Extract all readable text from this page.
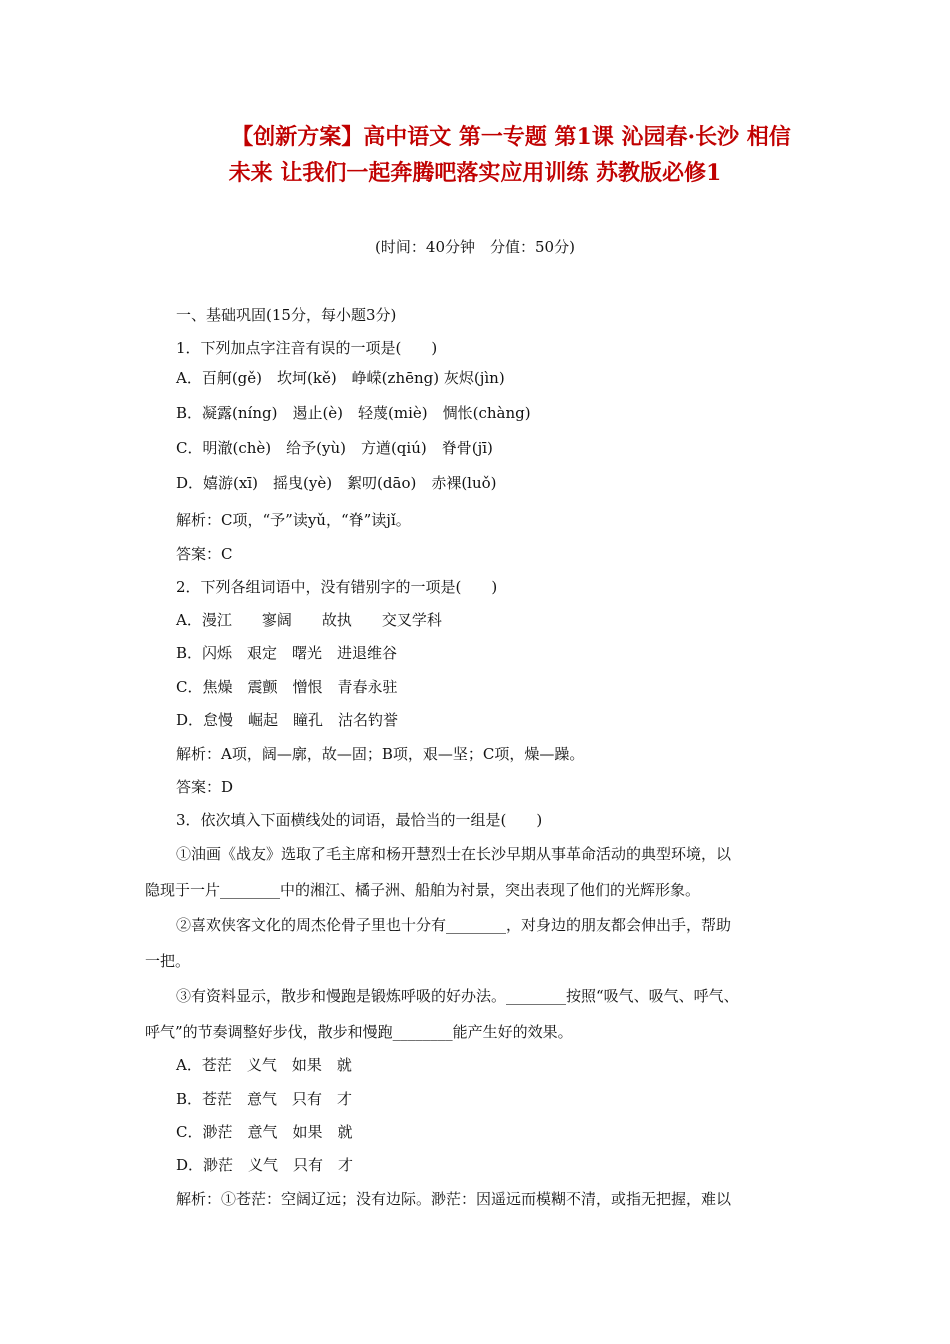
【创新方案】高中语文 第一专题 第1课 沁园春·长沙 相信
未来 让我们一起奔腾吧落实应用训练 苏教版必修1
(时间：40分钟　分值：50分)
一、基础巩固(15分，每小题3分)
1．下列加点字注音有误的一项是(　　)
A．百舸(gě)　坎坷(kě)　峥嵘(zhēng) 灰烬(jìn)
B．凝露(níng)　遏止(è)　轻蔑(miè)　惆怅(chàng)
C．明澈(chè)　给予(yù)　方遒(qiú)　脊骨(jī)
D．嬉游(xī)　摇曳(yè)　絮叨(dāo)　赤裸(luǒ)
解析：C项，“予”读yǔ，“脊”读jǐ。
答案：C
2．下列各组词语中，没有错别字的一项是(　　)
A．漫江　　寥阔　　故执　　交叉学科
B．闪烁　艰定　曙光　进退维谷
C．焦燥　震颤　憎恨　青春永驻
D．怠慢　崛起　瞳孔　沽名钓誉
解析：A项，阔—廓，故—固；B项，艰—坚；C项，燥—躁。
答案：D
3．依次填入下面横线处的词语，最恰当的一组是(　　)
①油画《战友》选取了毛主席和杨开慧烈士在长沙早期从事革命活动的典型环境，以
隐现于一片________中的湘江、橘子洲、船舶为衬景，突出表现了他们的光辉形象。
②喜欢侠客文化的周杰伦骨子里也十分有________，对身边的朋友都会伸出手，帮助
一把。
③有资料显示，散步和慢跑是锻炼呼吸的好办法。________按照“吸气、吸气、呼气、
呼气”的节奏调整好步伐，散步和慢跑________能产生好的效果。
A．苍茫　义气　如果　就
B．苍茫　意气　只有　才
C．渺茫　意气　如果　就
D．渺茫　义气　只有　才
解析：①苍茫：空阔辽远；没有边际。渺茫：因遥远而模糊不清，或指无把握，难以
